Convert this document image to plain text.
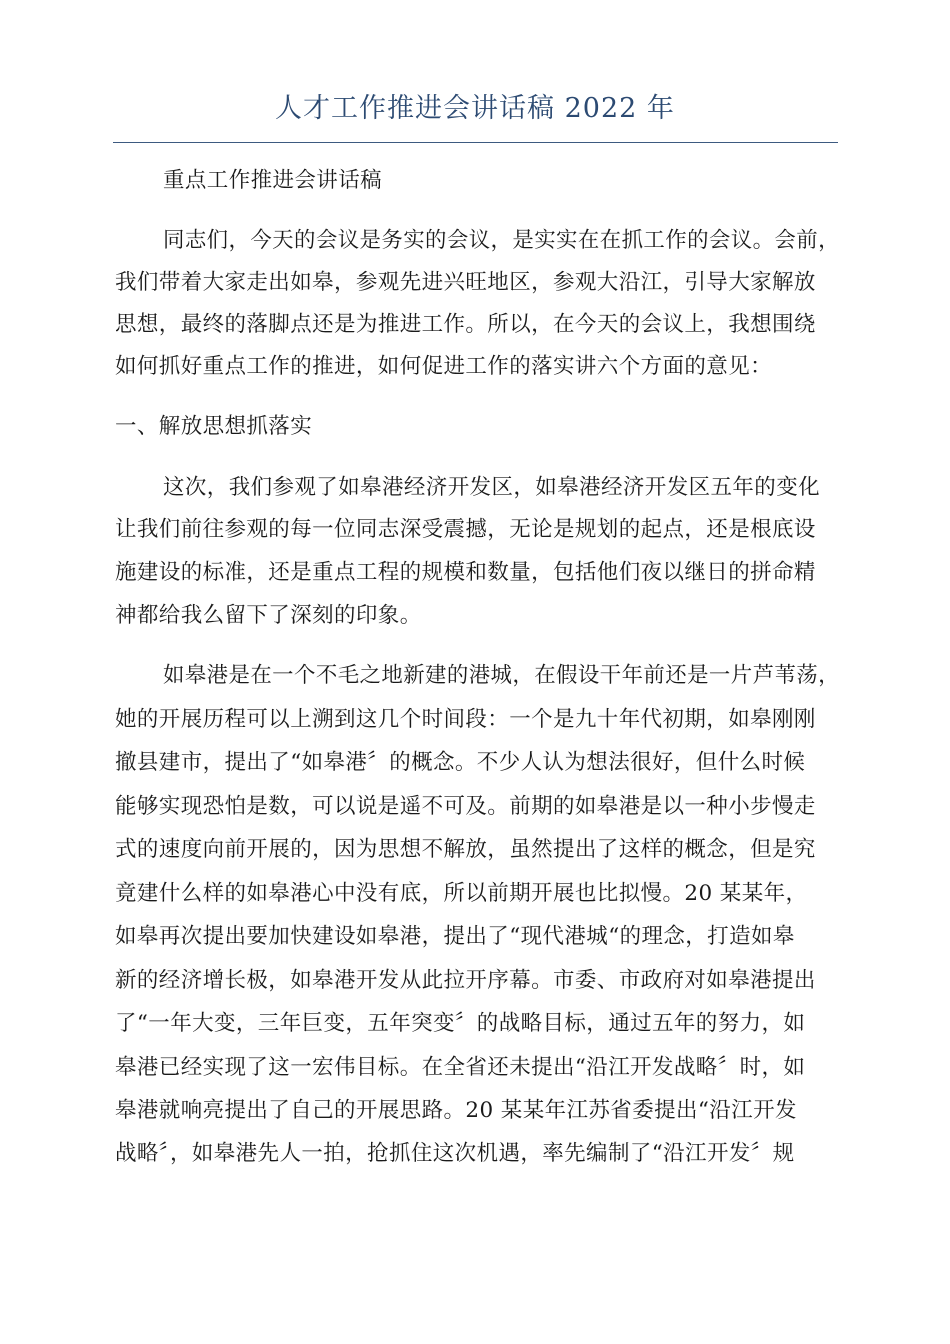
人才工作推进会讲话稿 2022 年
重点工作推进会讲话稿
同志们，今天的会议是务实的会议，是实实在在抓工作的会议。会前，
我们带着大家走出如皋，参观先进兴旺地区，参观大沿江，引导大家解放
思想，最终的落脚点还是为推进工作。所以，在今天的会议上，我想围绕
如何抓好重点工作的推进，如何促进工作的落实讲六个方面的意见：
一、解放思想抓落实
这次，我们参观了如皋港经济开发区，如皋港经济开发区五年的变化
让我们前往参观的每一位同志深受震撼，无论是规划的起点，还是根底设
施建设的标准，还是重点工程的规模和数量，包括他们夜以继日的拼命精
神都给我么留下了深刻的印象。
如皋港是在一个不毛之地新建的港城，在假设干年前还是一片芦苇荡，
她的开展历程可以上溯到这几个时间段：一个是九十年代初期，如皋刚刚
撤县建市，提出了“如皋港〞的概念。不少人认为想法很好，但什么时候
能够实现恐怕是数，可以说是遥不可及。前期的如皋港是以一种小步慢走
式的速度向前开展的，因为思想不解放，虽然提出了这样的概念，但是究
竟建什么样的如皋港心中没有底，所以前期开展也比拟慢。20 某某年，
如皋再次提出要加快建设如皋港，提出了“现代港城“的理念，打造如皋
新的经济增长极，如皋港开发从此拉开序幕。市委、市政府对如皋港提出
了“一年大变，三年巨变，五年突变〞的战略目标，通过五年的努力，如
皋港已经实现了这一宏伟目标。在全省还未提出“沿江开发战略〞时，如
皋港就响亮提出了自己的开展思路。20 某某年江苏省委提出“沿江开发
战略〞，如皋港先人一拍，抢抓住这次机遇，率先编制了“沿江开发〞规
